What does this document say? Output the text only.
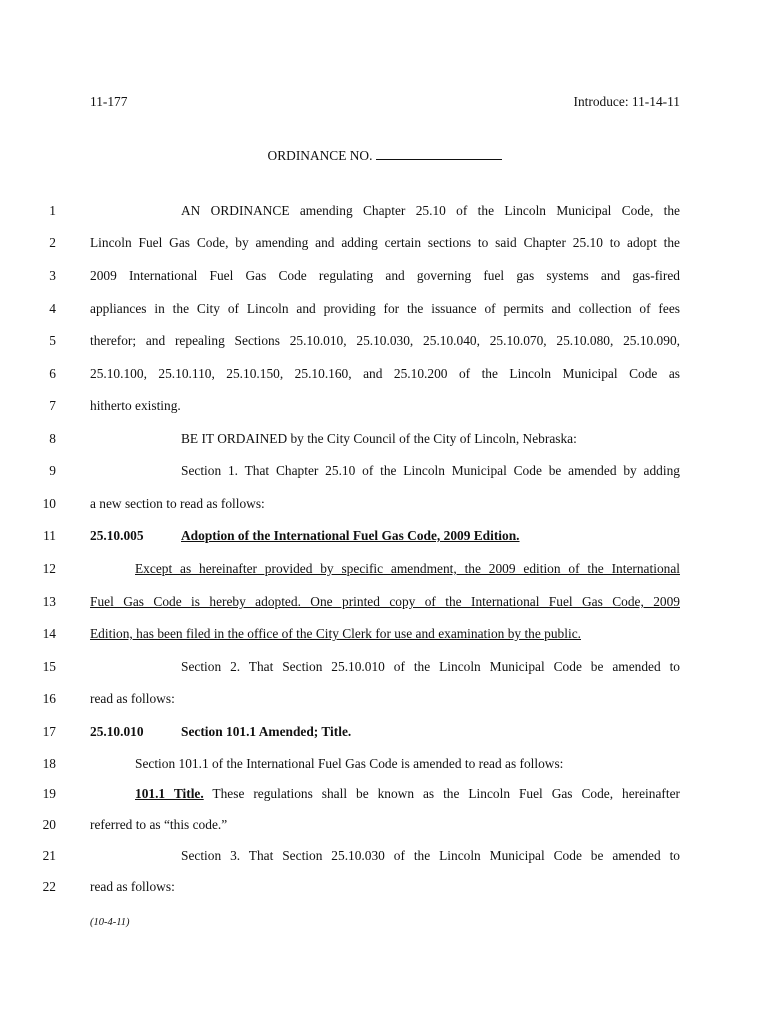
11-177	Introduce: 11-14-11
ORDINANCE NO.
1
2
3
4
5
6
7
8
9
10
11
12
13
14
15
16
17
18
19
20
21
22
AN ORDINANCE amending Chapter 25.10 of the Lincoln Municipal Code, the
Lincoln Fuel Gas Code, by amending and adding certain sections to said Chapter 25.10 to adopt the
2009 International Fuel Gas Code regulating and governing fuel gas systems and gas-fired
appliances in the City of Lincoln and providing for the issuance of permits and collection of fees
therefor; and repealing Sections 25.10.010, 25.10.030, 25.10.040, 25.10.070, 25.10.080, 25.10.090,
25.10.100, 25.10.110, 25.10.150, 25.10.160, and 25.10.200 of the Lincoln Municipal Code as
hitherto existing.
BE IT ORDAINED by the City Council of the City of Lincoln, Nebraska:
Section 1. That Chapter 25.10 of the Lincoln Municipal Code be amended by adding
a new section to read as follows:
25.10.005	Adoption of the International Fuel Gas Code, 2009 Edition.
Except as hereinafter provided by specific amendment, the 2009 edition of the International
Fuel Gas Code is hereby adopted. One printed copy of the International Fuel Gas Code, 2009
Edition, has been filed in the office of the City Clerk for use and examination by the public.
Section 2. That Section 25.10.010 of the Lincoln Municipal Code be amended to
read as follows:
25.10.010	Section 101.1 Amended; Title.
Section 101.1 of the International Fuel Gas Code is amended to read as follows:
101.1 Title. These regulations shall be known as the Lincoln Fuel Gas Code, hereinafter
referred to as “this code.”
Section 3. That Section 25.10.030 of the Lincoln Municipal Code be amended to
read as follows:
(10-4-11)
